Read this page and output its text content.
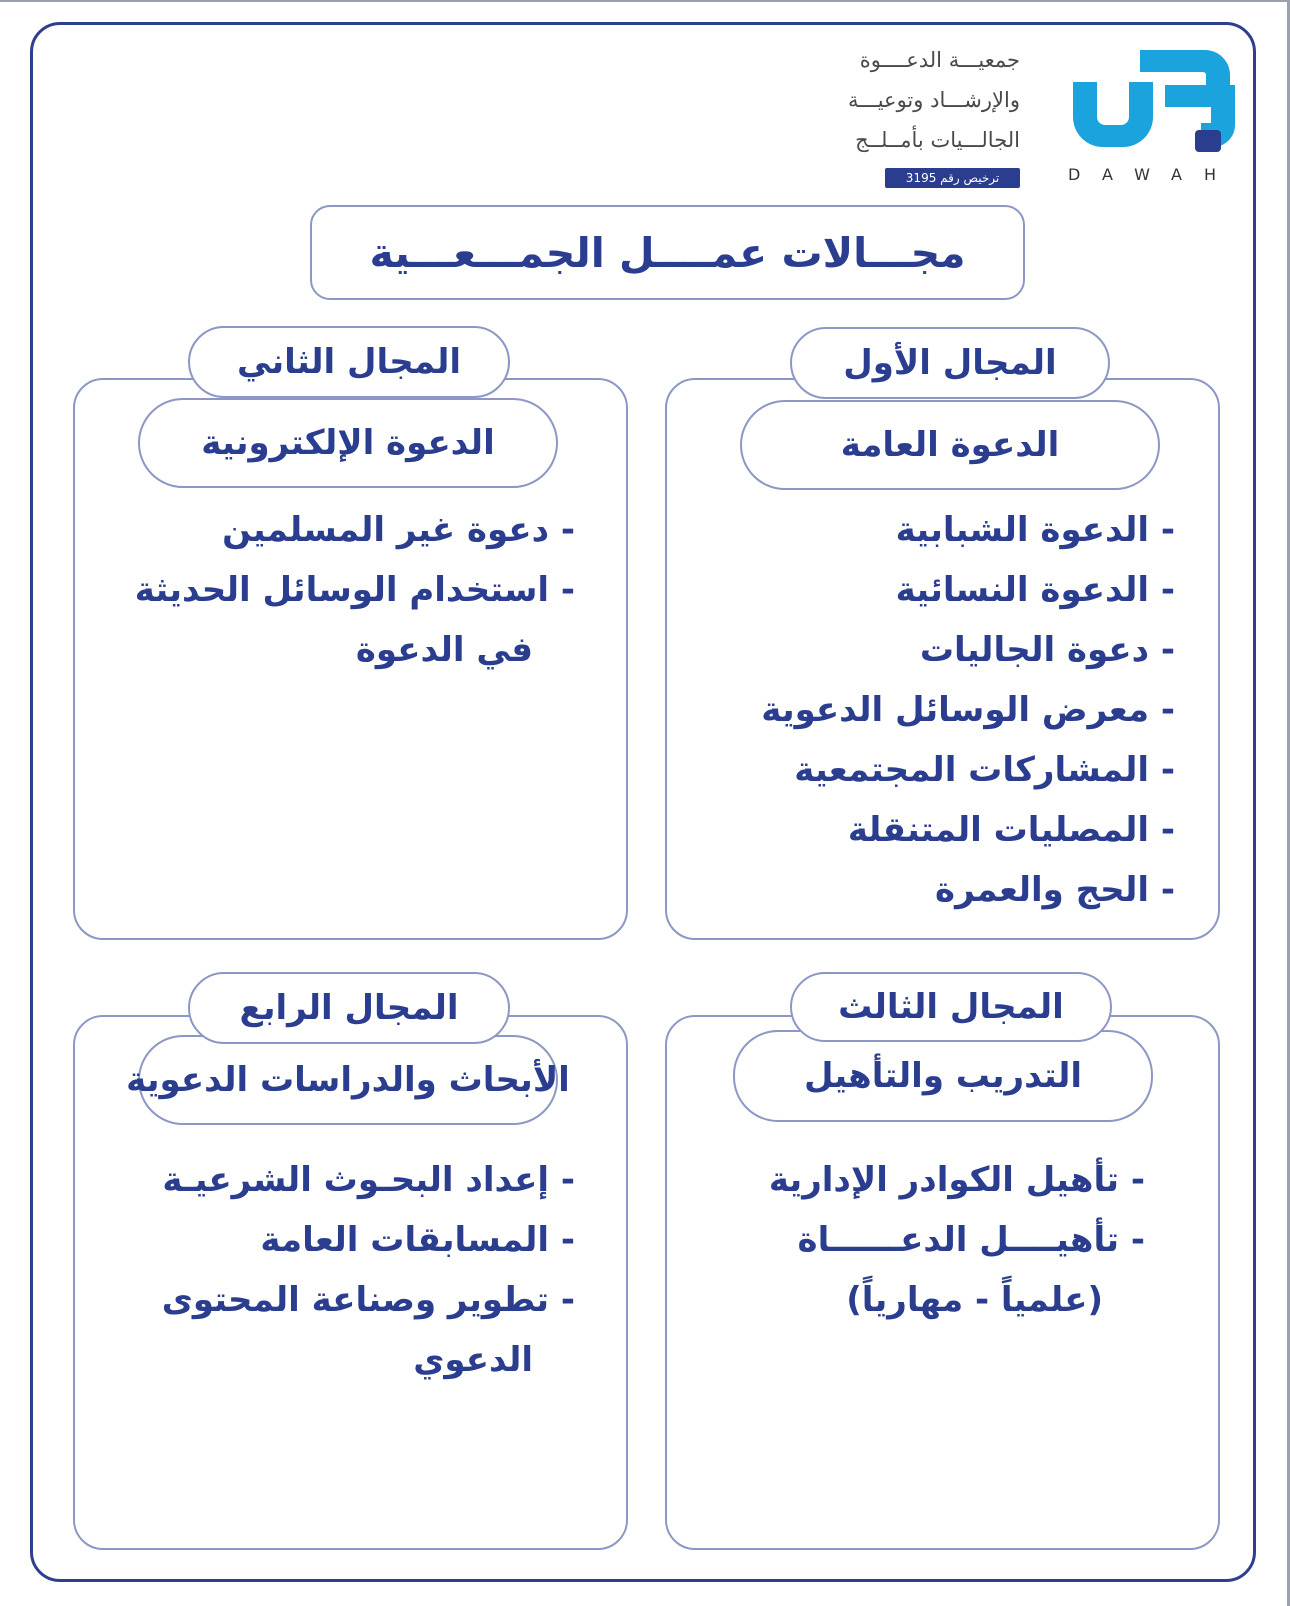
جمعيـــة الدعــــوة
والإرشـــاد وتوعيـــة
الجالـــيات بأمــلــج
ترخيص رقم 3195	DAWAH
مجـــالات عمــــل الجمـــعـــية
الدعوة العامة
المجال الأول
- الدعوة الشبابية
- الدعوة النسائية
- دعوة الجاليات
- معرض الوسائل الدعوية
- المشاركات المجتمعية
- المصليات المتنقلة
- الحج والعمرة
الدعوة الإلكترونية
المجال الثاني
- دعوة غير المسلمين
- استخدام الوسائل الحديثة
في الدعوة
التدريب والتأهيل
المجال الثالث
- تأهيل الكوادر الإدارية
- تأهيــــل الدعــــــاة
(علمياً - مهارياً)
الأبحاث والدراسات الدعوية
المجال الرابع
- إعداد البحـوث الشرعيـة
- المسابقات العامة
- تطوير وصناعة المحتوى
الدعوي
